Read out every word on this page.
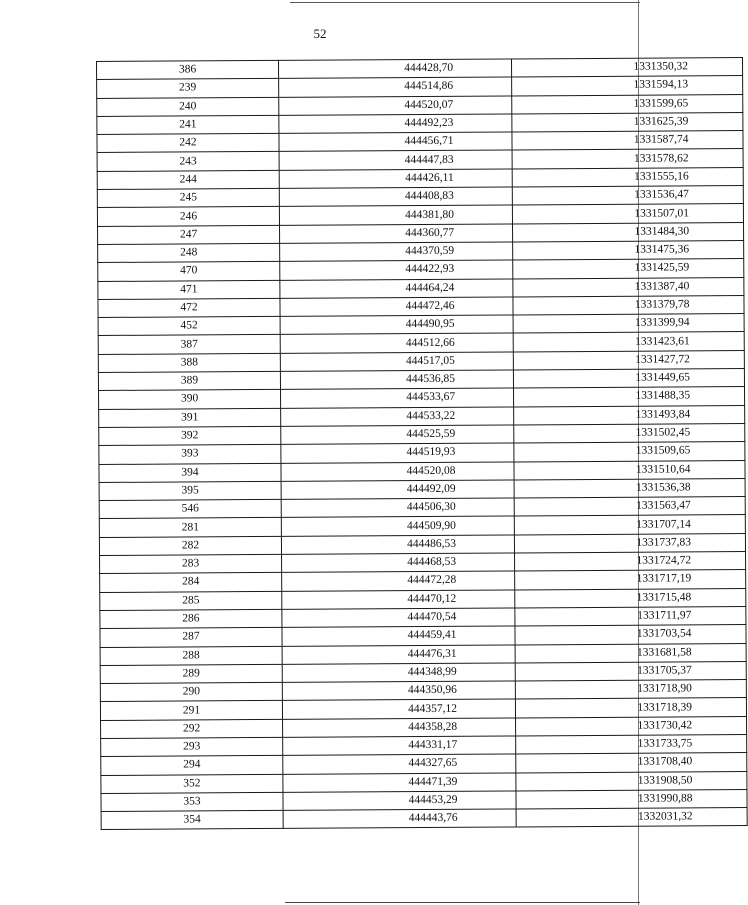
52
386	444428,70	1331350,32
239	444514,86	1331594,13
240	444520,07	1331599,65
241	444492,23	1331625,39
242	444456,71	1331587,74
243	444447,83	1331578,62
244	444426,11	1331555,16
245	444408,83	1331536,47
246	444381,80	1331507,01
247	444360,77	1331484,30
248	444370,59	1331475,36
470	444422,93	1331425,59
471	444464,24	1331387,40
472	444472,46	1331379,78
452	444490,95	1331399,94
387	444512,66	1331423,61
388	444517,05	1331427,72
389	444536,85	1331449,65
390	444533,67	1331488,35
391	444533,22	1331493,84
392	444525,59	1331502,45
393	444519,93	1331509,65
394	444520,08	1331510,64
395	444492,09	1331536,38
546	444506,30	1331563,47
281	444509,90	1331707,14
282	444486,53	1331737,83
283	444468,53	1331724,72
284	444472,28	1331717,19
285	444470,12	1331715,48
286	444470,54	1331711,97
287	444459,41	1331703,54
288	444476,31	1331681,58
289	444348,99	1331705,37
290	444350,96	1331718,90
291	444357,12	1331718,39
292	444358,28	1331730,42
293	444331,17	1331733,75
294	444327,65	1331708,40
352	444471,39	1331908,50
353	444453,29	1331990,88
354	444443,76	1332031,32
